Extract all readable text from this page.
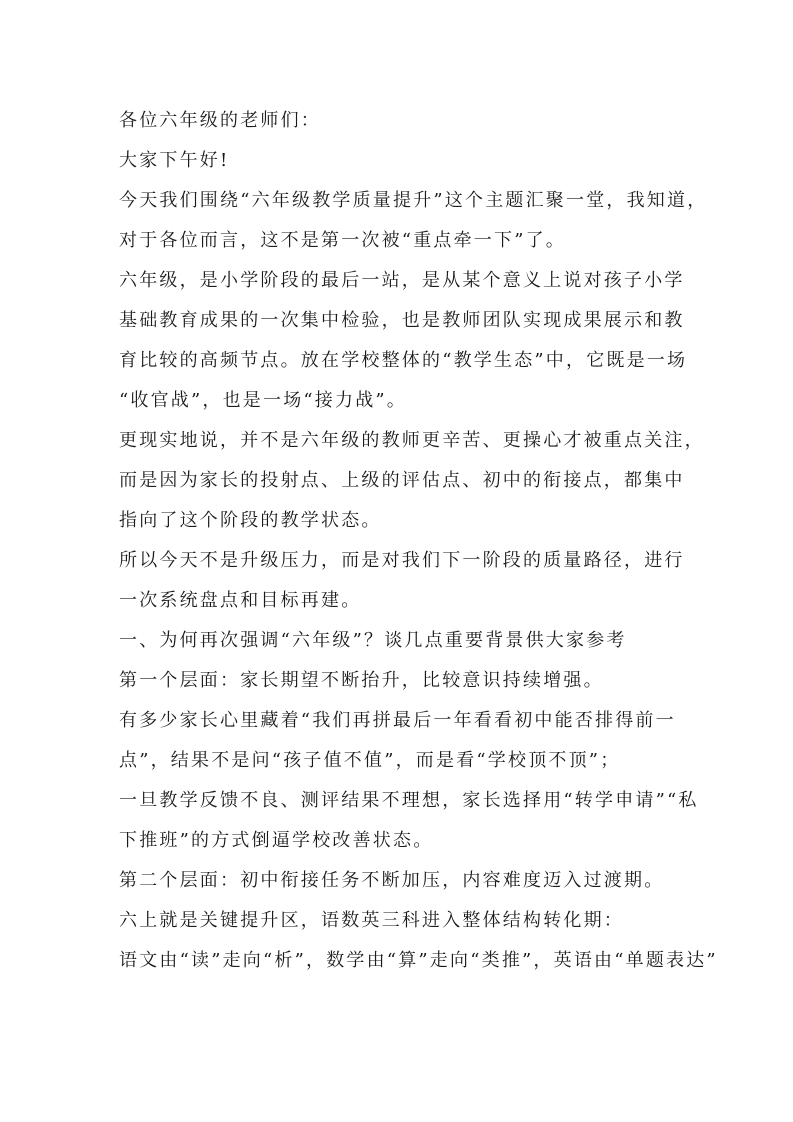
各位六年级的老师们：
大家下午好!
今天我们围绕“六年级教学质量提升”这个主题汇聚一堂，我知道，
对于各位而言，这不是第一次被“重点牵一下”了。
六年级，是小学阶段的最后一站，是从某个意义上说对孩子小学
基础教育成果的一次集中检验，也是教师团队实现成果展示和教
育比较的高频节点。放在学校整体的“教学生态”中，它既是一场
“收官战”，也是一场“接力战”。
更现实地说，并不是六年级的教师更辛苦、更操心才被重点关注，
而是因为家长的投射点、上级的评估点、初中的衔接点，都集中
指向了这个阶段的教学状态。
所以今天不是升级压力，而是对我们下一阶段的质量路径，进行
一次系统盘点和目标再建。
一、为何再次强调“六年级”？谈几点重要背景供大家参考
第一个层面：家长期望不断抬升，比较意识持续增强。
有多少家长心里藏着“我们再拼最后一年看看初中能否排得前一
点”，结果不是问“孩子值不值”，而是看“学校顶不顶”；
一旦教学反馈不良、测评结果不理想，家长选择用“转学申请”“私
下推班”的方式倒逼学校改善状态。
第二个层面：初中衔接任务不断加压，内容难度迈入过渡期。
六上就是关键提升区，语数英三科进入整体结构转化期：
语文由“读”走向“析”，数学由“算”走向“类推”，英语由“单题表达”
